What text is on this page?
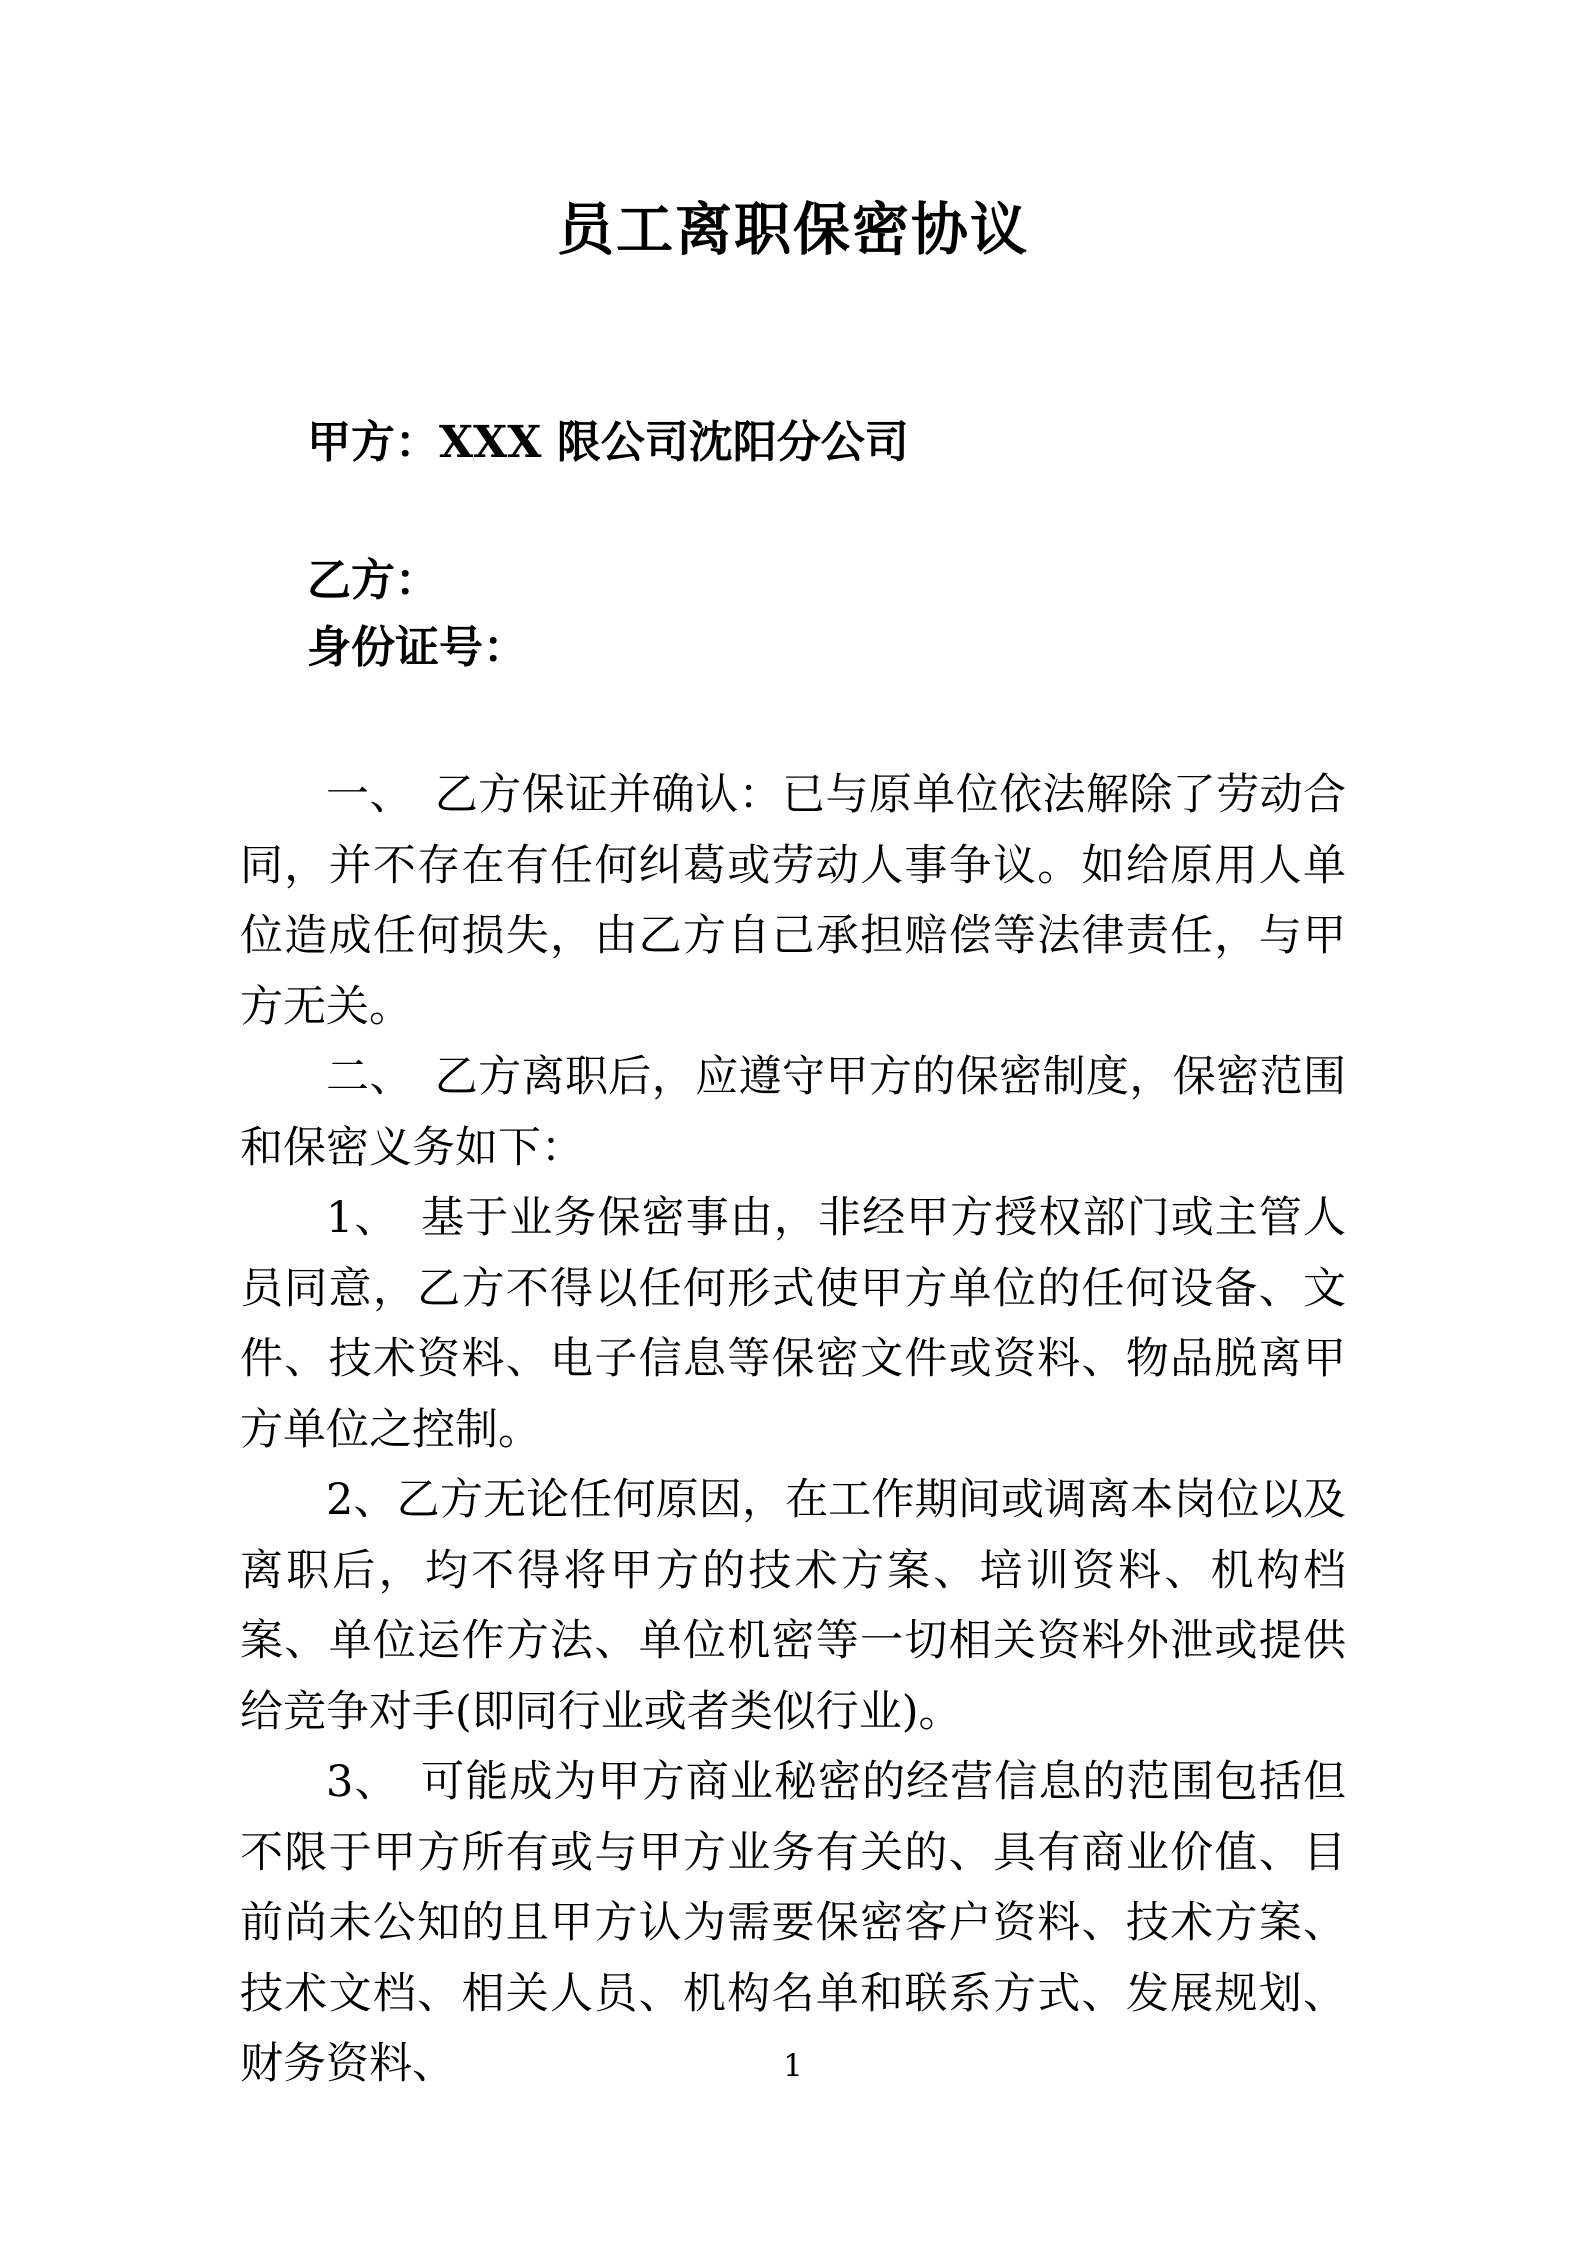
员工离职保密协议
甲方：XXX 限公司沈阳分公司
乙方：
身份证号：

一、　乙方保证并确认：已与原单位依法解除了劳动合同，并不存在有任何纠葛或劳动人事争议。如给原用人单位造成任何损失，由乙方自己承担赔偿等法律责任，与甲方无关。

二、　乙方离职后，应遵守甲方的保密制度，保密范围和保密义务如下：

1、　基于业务保密事由，非经甲方授权部门或主管人员同意，乙方不得以任何形式使甲方单位的任何设备、文件、技术资料、电子信息等保密文件或资料、物品脱离甲方单位之控制。

2、乙方无论任何原因，在工作期间或调离本岗位以及离职后，均不得将甲方的技术方案、培训资料、机构档案、单位运作方法、单位机密等一切相关资料外泄或提供给竞争对手(即同行业或者类似行业)。

3、　可能成为甲方商业秘密的经营信息的范围包括但不限于甲方所有或与甲方业务有关的、具有商业价值、目前尚未公知的且甲方认为需要保密客户资料、技术方案、技术文档、相关人员、机构名单和联系方式、发展规划、财务资料、	1
